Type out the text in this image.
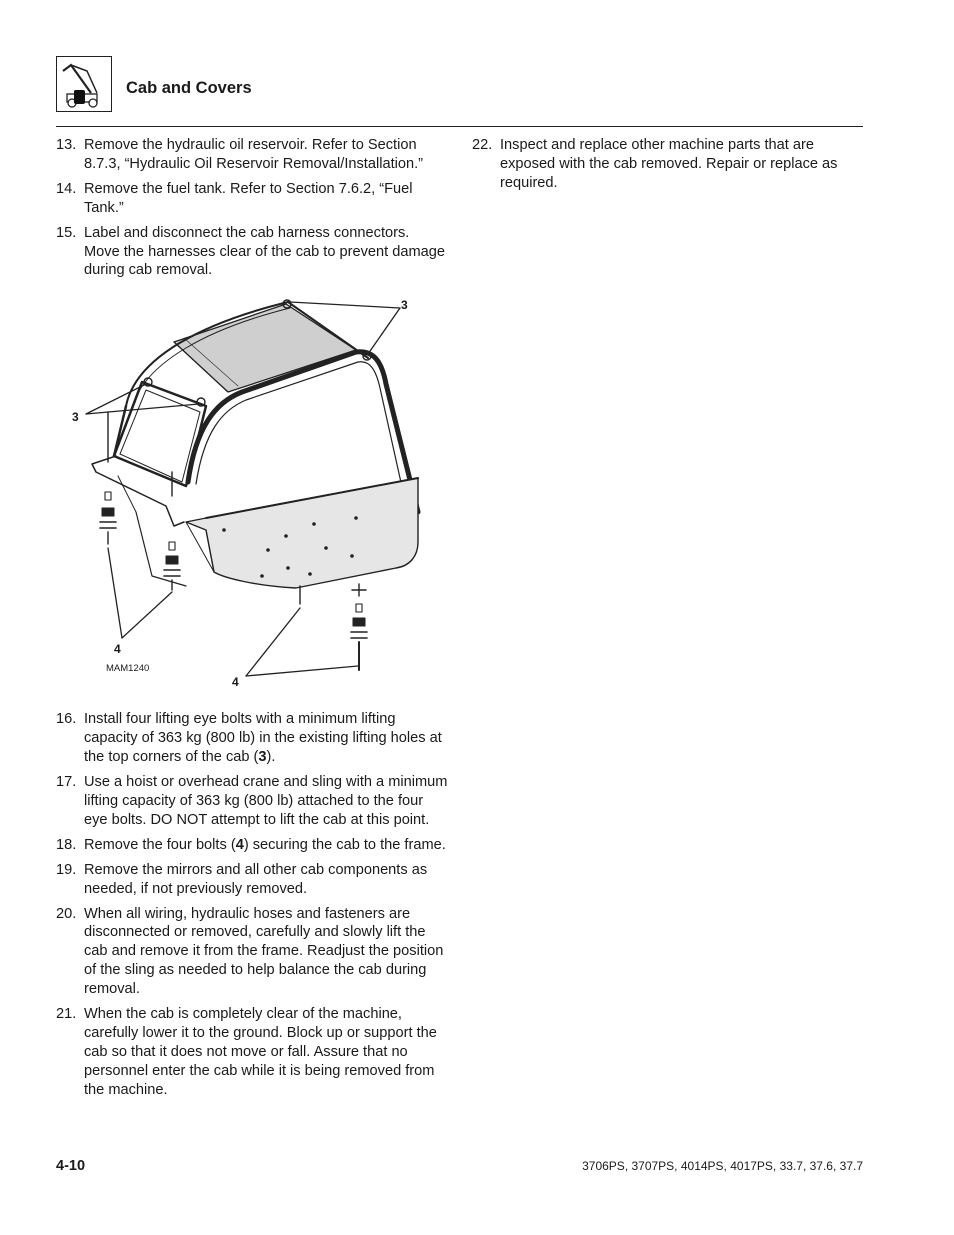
Cab and Covers
13. Remove the hydraulic oil reservoir. Refer to Section 8.7.3, “Hydraulic Oil Reservoir Removal/Installation.”
14. Remove the fuel tank. Refer to Section 7.6.2, “Fuel Tank.”
15. Label and disconnect the cab harness connectors. Move the harnesses clear of the cab to prevent damage during cab removal.
3
3
4
4
MAM1240
16. Install four lifting eye bolts with a minimum lifting capacity of 363 kg (800 lb) in the existing lifting holes at the top corners of the cab (3).
17. Use a hoist or overhead crane and sling with a minimum lifting capacity of 363 kg (800 lb) attached to the four eye bolts. DO NOT attempt to lift the cab at this point.
18. Remove the four bolts (4) securing the cab to the frame.
19. Remove the mirrors and all other cab components as needed, if not previously removed.
20. When all wiring, hydraulic hoses and fasteners are disconnected or removed, carefully and slowly lift the cab and remove it from the frame. Readjust the position of the sling as needed to help balance the cab during removal.
21. When the cab is completely clear of the machine, carefully lower it to the ground. Block up or support the cab so that it does not move or fall. Assure that no personnel enter the cab while it is being removed from the machine.
22. Inspect and replace other machine parts that are exposed with the cab removed. Repair or replace as required.
4-10	3706PS, 3707PS, 4014PS, 4017PS, 33.7, 37.6, 37.7
